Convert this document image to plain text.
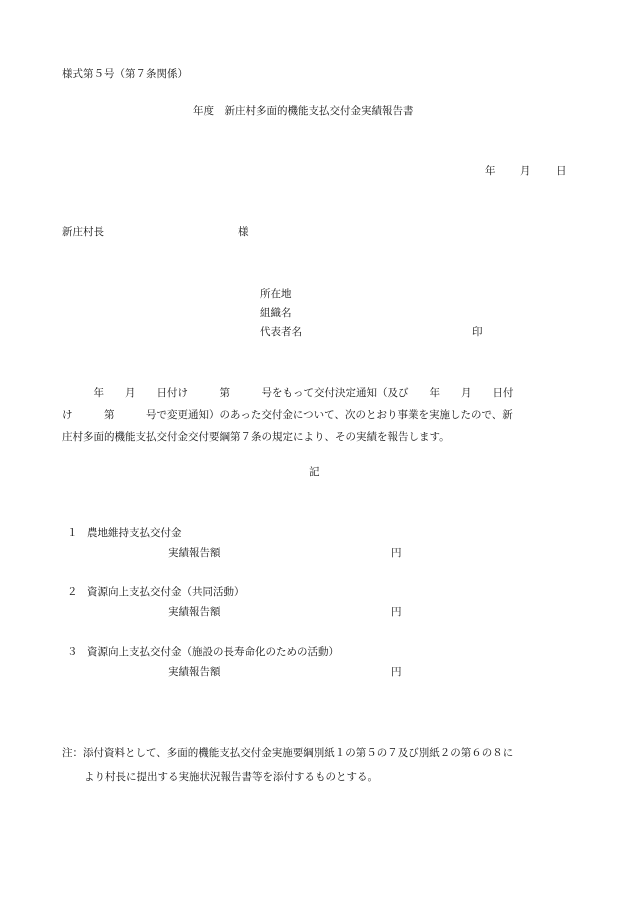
様式第５号（第７条関係）
年度　新庄村多面的機能支払交付金実績報告書
年 月 日
新庄村長	様
所在地
組織名
代表者名	印
　　　年　　月　　日付け　　　第　　　号をもって交付決定通知（及び　　年　　月　　日付
け　　　第　　　号で変更通知）のあった交付金について、次のとおり事業を実施したので、新
庄村多面的機能支払交付金交付要綱第７条の規定により、その実績を報告します。
記
１ 農地維持支払交付金
実績報告額	円
２ 資源向上支払交付金（共同活動）
実績報告額	円
３ 資源向上支払交付金（施設の長寿命化のための活動）
実績報告額	円
注：添付資料として、多面的機能支払交付金実施要綱別紙１の第５の７及び別紙２の第６の８に
より村長に提出する実施状況報告書等を添付するものとする。
